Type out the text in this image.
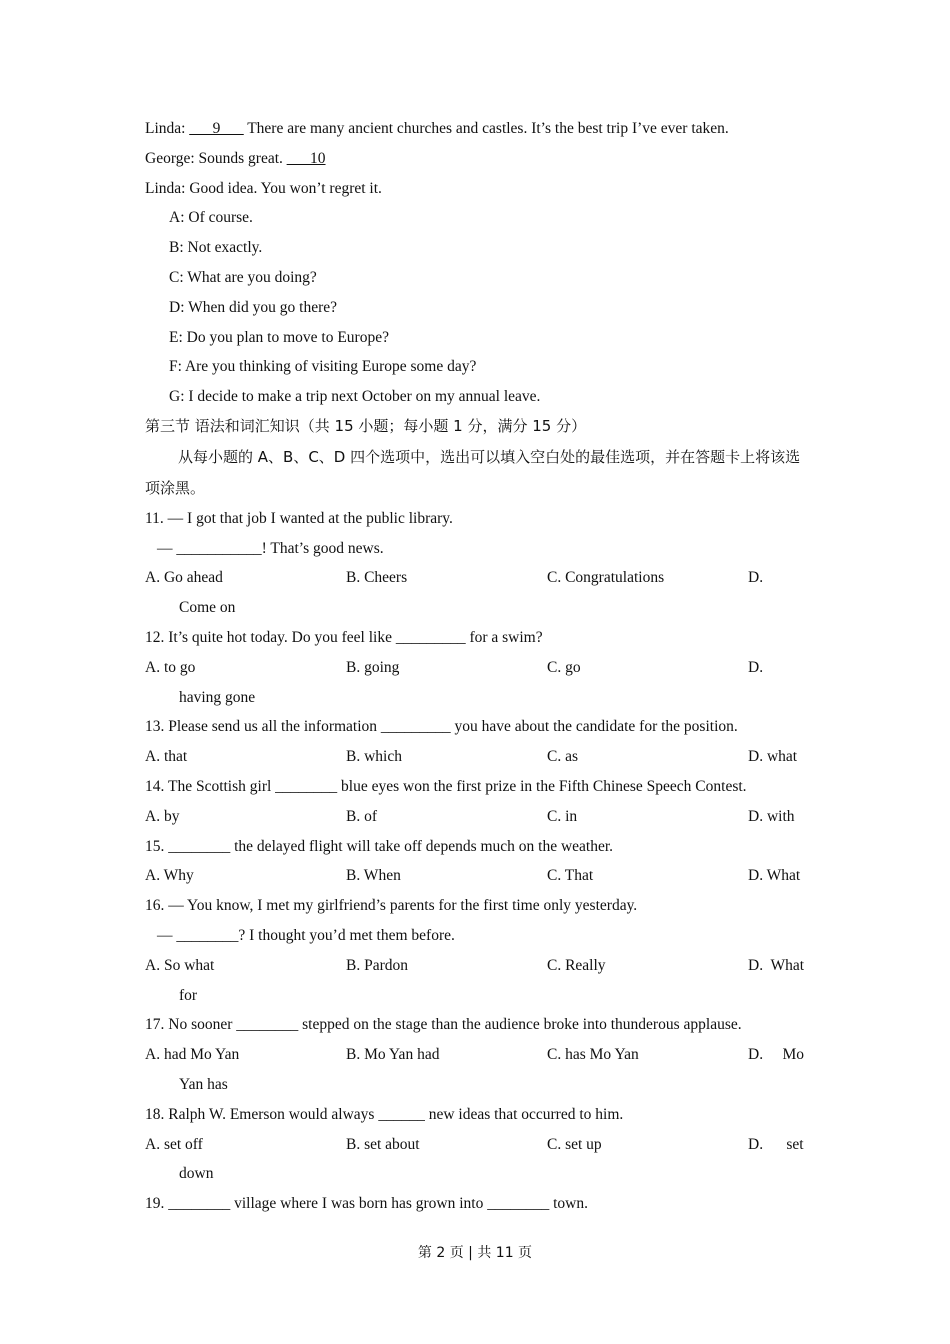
Linda: ___9___ There are many ancient churches and castles. It’s the best trip I’ve ever taken.
George: Sounds great. ___10
Linda: Good idea. You won’t regret it.
A: Of course.
B: Not exactly.
C: What are you doing?
D: When did you go there?
E: Do you plan to move to Europe?
F: Are you thinking of visiting Europe some day?
G: I decide to make a trip next October on my annual leave.
第三节 语法和词汇知识（共 15 小题；每小题 1 分，满分 15 分）
从每小题的 A、B、C、D 四个选项中，选出可以填入空白处的最佳选项，并在答题卡上将该选项涂黑。
11. — I got that job I wanted at the public library.
— ___________! That’s good news.
A. Go ahead	B. Cheers	C. Congratulations	D.
Come on
12. It’s quite hot today. Do you feel like _________ for a swim?
A. to go	B. going	C. go	D.
having gone
13. Please send us all the information _________ you have about the candidate for the position.
A. that	B. which	C. as	D. what
14. The Scottish girl ________ blue eyes won the first prize in the Fifth Chinese Speech Contest.
A. by	B. of	C. in	D. with
15. ________ the delayed flight will take off depends much on the weather.
A. Why	B. When	C. That	D. What
16. — You know, I met my girlfriend’s parents for the first time only yesterday.
— ________? I thought you’d met them before.
A. So what	B. Pardon	C. Really	D.  What
for
17. No sooner ________ stepped on the stage than the audience broke into thunderous applause.
A. had Mo Yan	B. Mo Yan had	C. has Mo Yan	D.     Mo
Yan has
18. Ralph W. Emerson would always ______ new ideas that occurred to him.
A. set off	B. set about	C. set up	D.      set
down
19. ________ village where I was born has grown into ________ town.
第 2 页 | 共 11 页
